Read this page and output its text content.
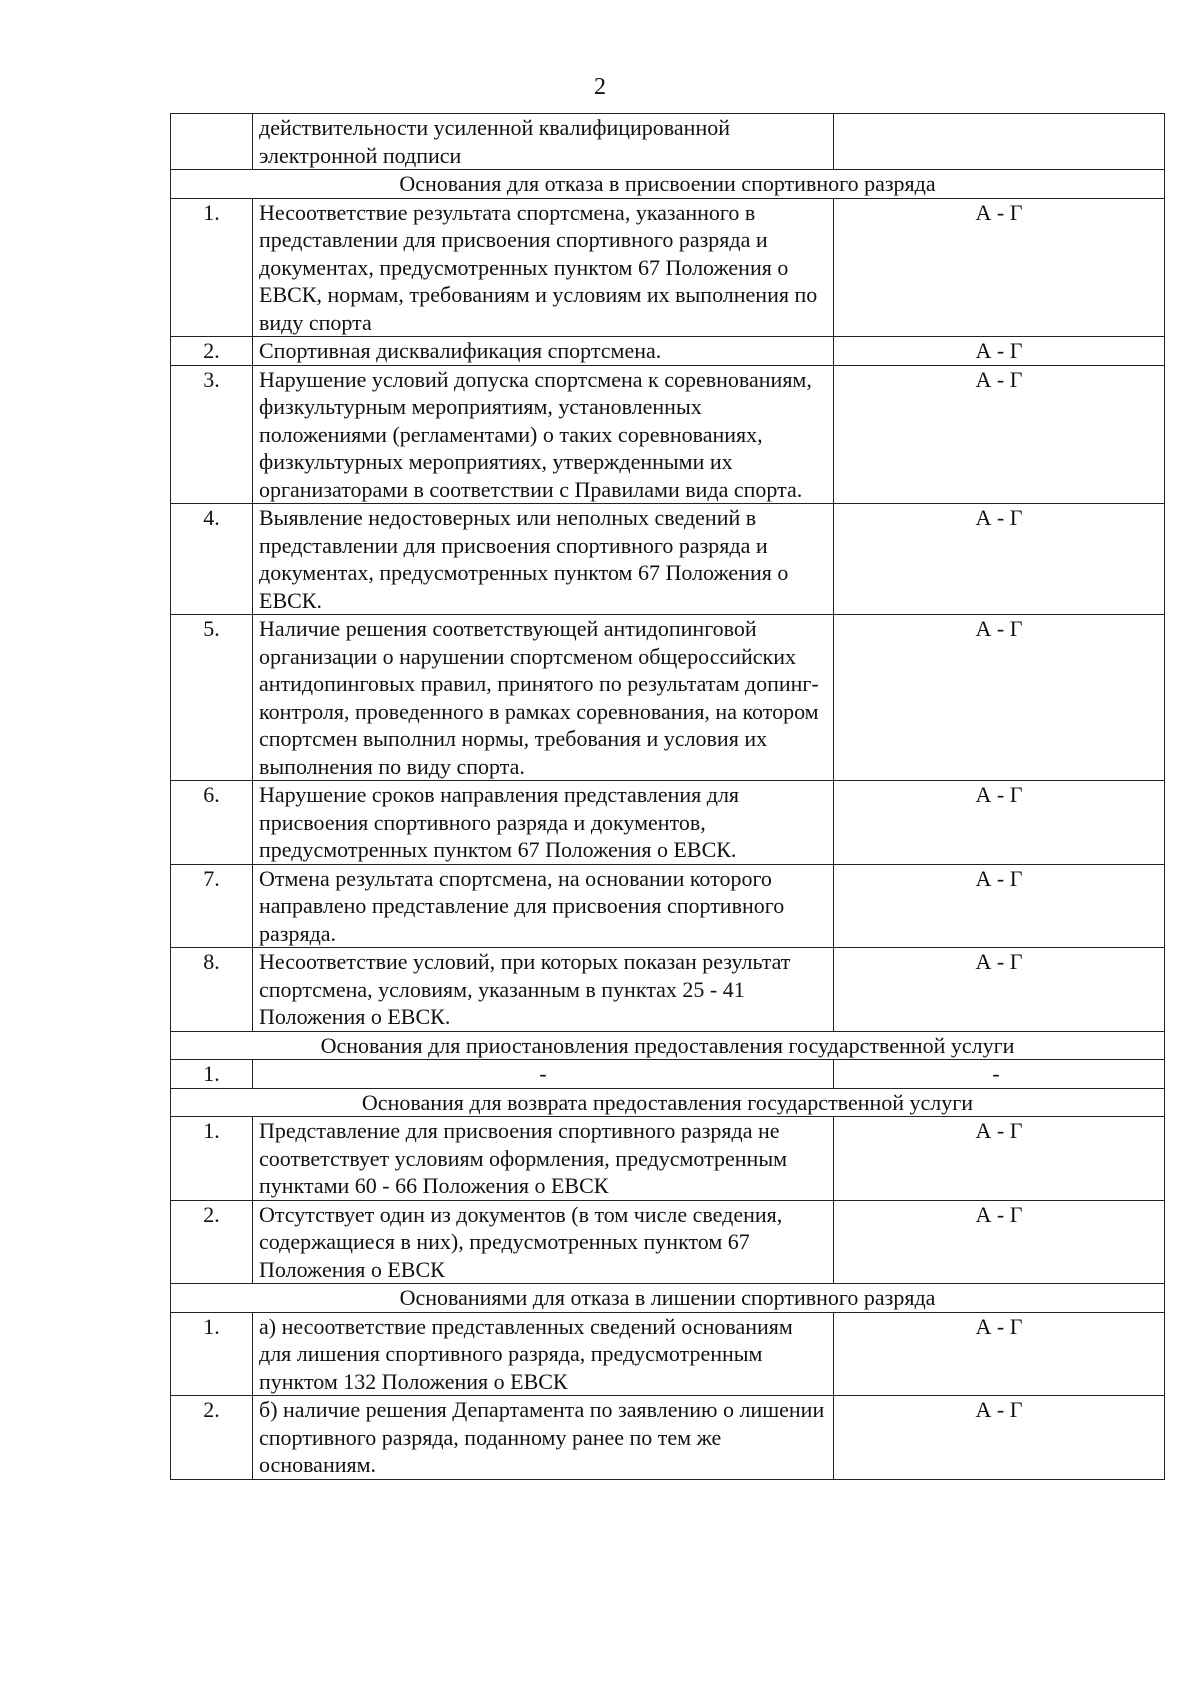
2
	действительности усиленной квалифицированной электронной подписи	
Основания для отказа в присвоении спортивного разряда		
1.	Несоответствие результата спортсмена, указанного в представлении для присвоения спортивного разряда и документах, предусмотренных пунктом 67 Положения о ЕВСК, нормам, требованиям и условиям их выполнения по виду спорта	А - Г
2.	Спортивная дисквалификация спортсмена.	А - Г
3.	Нарушение условий допуска спортсмена к соревнованиям, физкультурным мероприятиям, установленных положениями (регламентами) о таких соревнованиях, физкультурных мероприятиях, утвержденными их организаторами в соответствии с Правилами вида спорта.	А - Г
4.	Выявление недостоверных или неполных сведений в представлении для присвоения спортивного разряда и документах, предусмотренных пунктом 67 Положения о ЕВСК.	А - Г
5.	Наличие решения соответствующей антидопинговой организации о нарушении спортсменом общероссийских антидопинговых правил, принятого по результатам допинг-контроля, проведенного в рамках соревнования, на котором спортсмен выполнил нормы, требования и условия их выполнения по виду спорта.	А - Г
6.	Нарушение сроков направления представления для присвоения спортивного разряда и документов, предусмотренных пунктом 67 Положения о ЕВСК.	А - Г
7.	Отмена результата спортсмена, на основании которого направлено представление для присвоения спортивного разряда.	А - Г
8.	Несоответствие условий, при которых показан результат спортсмена, условиям, указанным в пунктах 25 - 41 Положения о ЕВСК.	А - Г
Основания для приостановления предоставления государственной услуги		
1.	-	-
Основания для возврата предоставления государственной услуги		
1.	Представление для присвоения спортивного разряда не соответствует условиям оформления, предусмотренным пунктами 60 - 66 Положения о ЕВСК	А - Г
2.	Отсутствует один из документов (в том числе сведения, содержащиеся в них), предусмотренных пунктом 67 Положения о ЕВСК	А - Г
Основаниями для отказа в лишении спортивного разряда		
1.	а) несоответствие представленных сведений основаниям для лишения спортивного разряда, предусмотренным пунктом 132 Положения о ЕВСК	А - Г
2.	б) наличие решения Департамента по заявлению о лишении спортивного разряда, поданному ранее по тем же основаниям.	А - Г
